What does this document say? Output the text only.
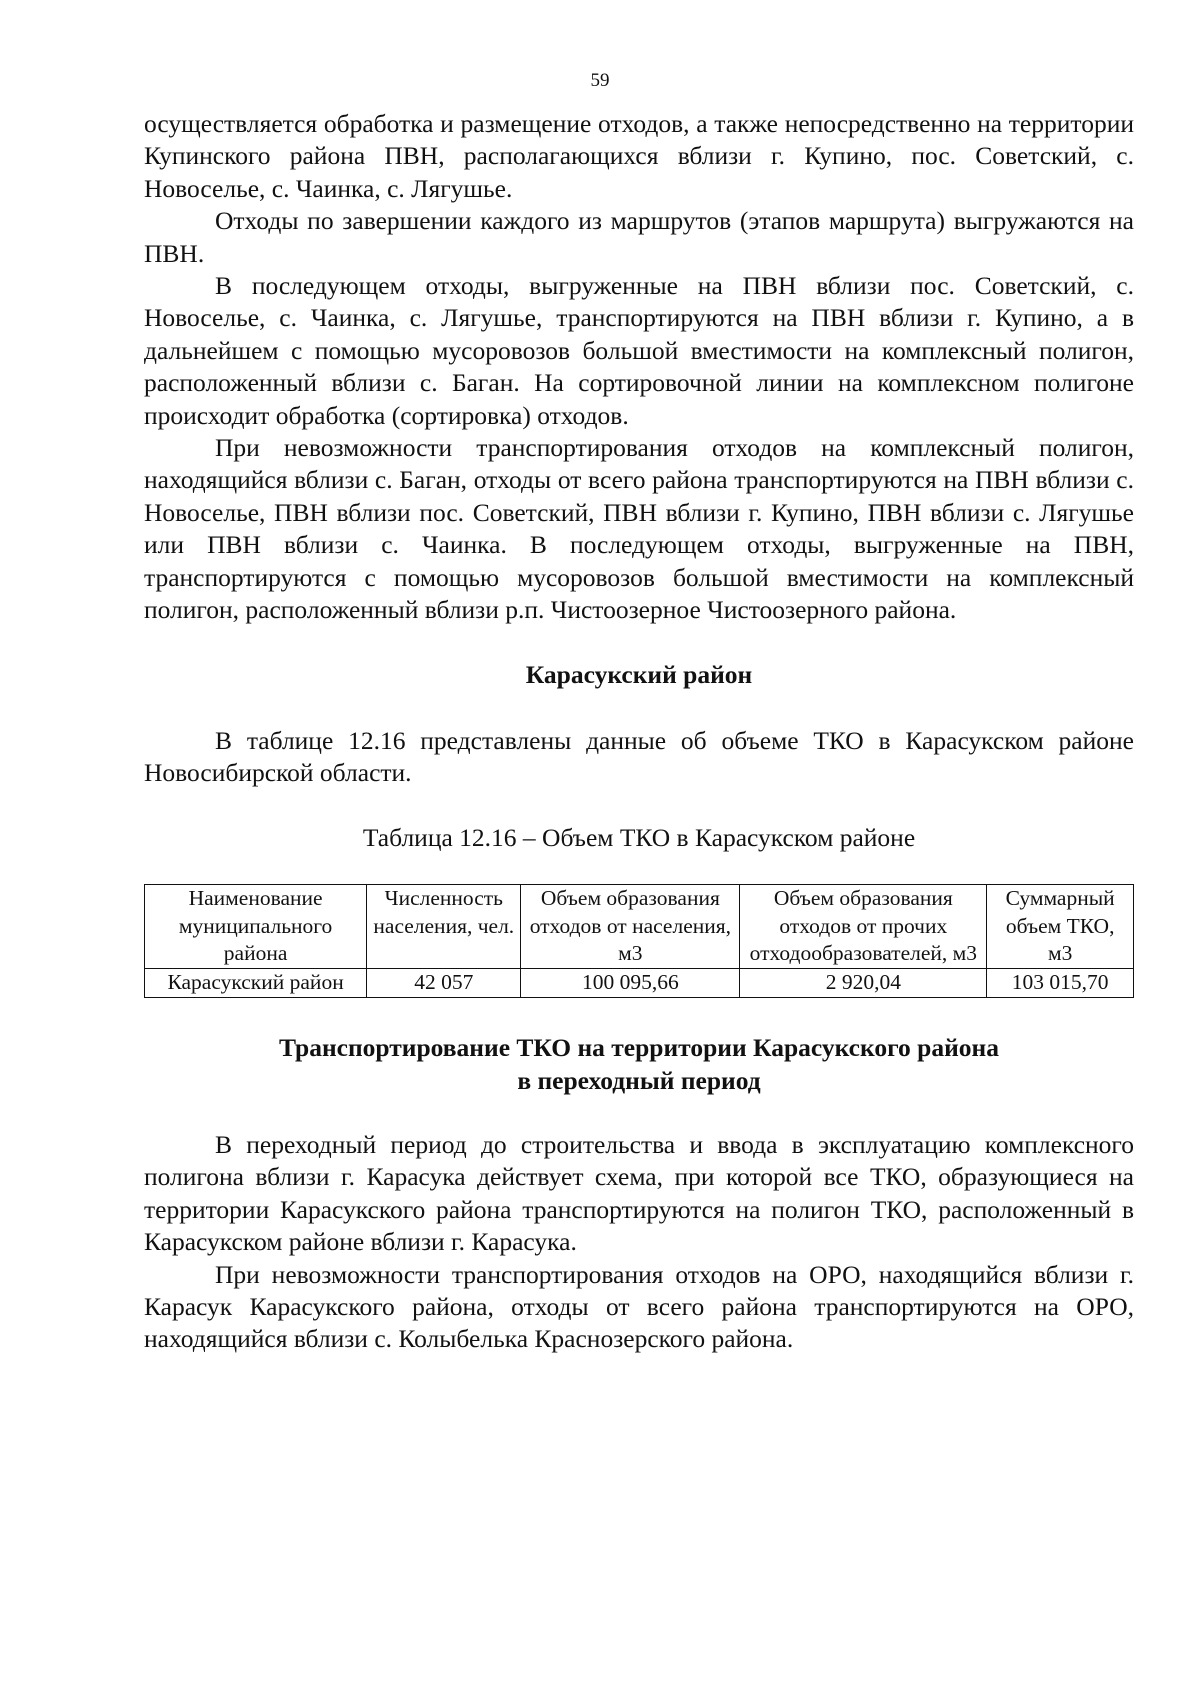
59

осуществляется обработка и размещение отходов, а также непосредственно на территории Купинского района ПВН, располагающихся вблизи г. Купино, пос. Советский, с. Новоселье, с. Чаинка, с. Лягушье.

Отходы по завершении каждого из маршрутов (этапов маршрута) выгружаются на ПВН.

В последующем отходы, выгруженные на ПВН вблизи пос. Советский, с. Новоселье, с. Чаинка, с. Лягушье, транспортируются на ПВН вблизи г. Купино, а в дальнейшем с помощью мусоровозов большой вместимости на комплексный полигон, расположенный вблизи с. Баган. На сортировочной линии на комплексном полигоне происходит обработка (сортировка) отходов.

При невозможности транспортирования отходов на комплексный полигон, находящийся вблизи с. Баган, отходы от всего района транспортируются на ПВН вблизи с. Новоселье, ПВН вблизи пос. Советский, ПВН вблизи г. Купино, ПВН вблизи с. Лягушье или ПВН вблизи с. Чаинка. В последующем отходы, выгруженные на ПВН, транспортируются с помощью мусоровозов большой вместимости на комплексный полигон, расположенный вблизи р.п. Чистоозерное Чистоозерного района.

Карасукский район

В таблице 12.16 представлены данные об объеме ТКО в Карасукском районе Новосибирской области.

Таблица 12.16 – Объем ТКО в Карасукском районе

Наименование муниципального района	Численность населения, чел.	Объем образования отходов от населения, м3	Объем образования отходов от прочих отходообразователей, м3	Суммарный объем ТКО, м3
Карасукский район	42 057	100 095,66	2 920,04	103 015,70
Транспортирование ТКО на территории Карасукского района
в переходный период

В переходный период до строительства и ввода в эксплуатацию комплексного полигона вблизи г. Карасука действует схема, при которой все ТКО, образующиеся на территории Карасукского района транспортируются на полигон ТКО, расположенный в Карасукском районе вблизи г. Карасука.

При невозможности транспортирования отходов на ОРО, находящийся вблизи г. Карасук Карасукского района, отходы от всего района транспортируются на ОРО, находящийся вблизи с. Колыбелька Краснозерского района.
